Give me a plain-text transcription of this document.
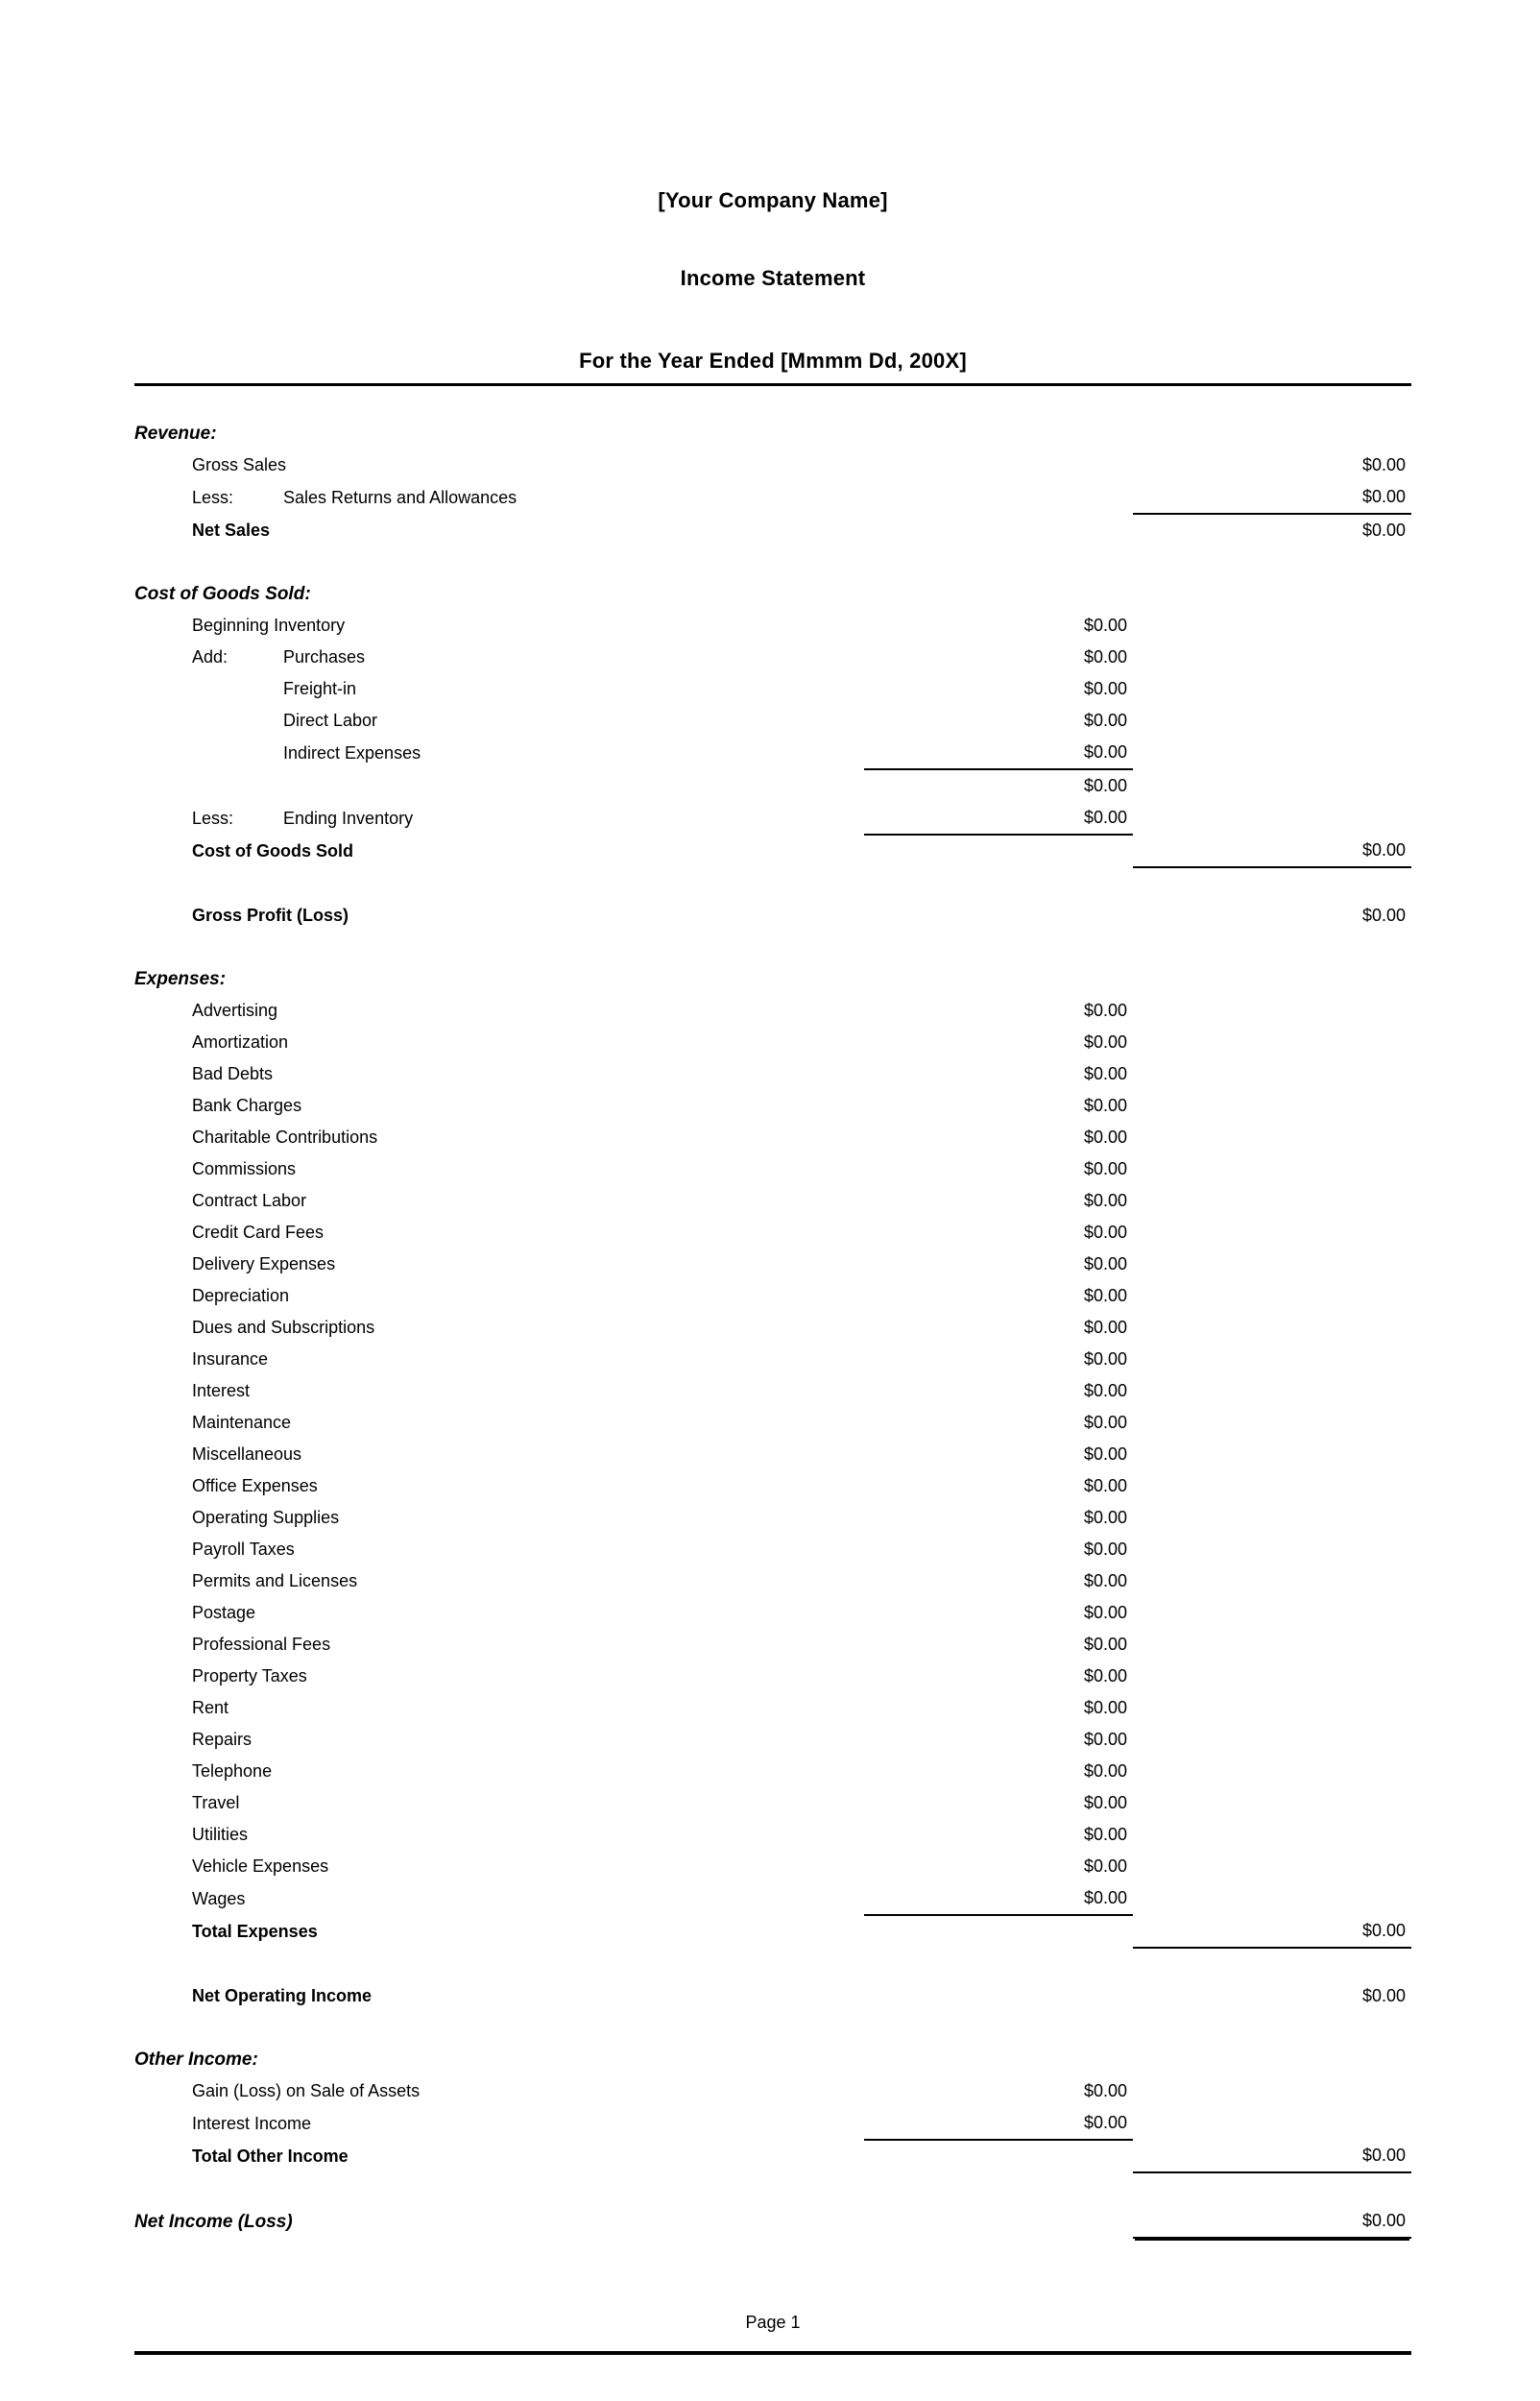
[Your Company Name]
Income Statement
For the Year Ended [Mmmm Dd, 200X]

Revenue:			
	Gross Sales		$0.00
	Less: Sales Returns and Allowances		$0.00
	Net Sales		$0.00

Cost of Goods Sold:			
	Beginning Inventory	$0.00	
	Add: Purchases	$0.00	
	Freight-in	$0.00	
	Direct Labor	$0.00	
	Indirect Expenses	$0.00	
		$0.00	
	Less: Ending Inventory	$0.00	
	Cost of Goods Sold		$0.00

	Gross Profit (Loss)		$0.00

Expenses:			
	Advertising	$0.00	
	Amortization	$0.00	
	Bad Debts	$0.00	
	Bank Charges	$0.00	
	Charitable Contributions	$0.00	
	Commissions	$0.00	
	Contract Labor	$0.00	
	Credit Card Fees	$0.00	
	Delivery Expenses	$0.00	
	Depreciation	$0.00	
	Dues and Subscriptions	$0.00	
	Insurance	$0.00	
	Interest	$0.00	
	Maintenance	$0.00	
	Miscellaneous	$0.00	
	Office Expenses	$0.00	
	Operating Supplies	$0.00	
	Payroll Taxes	$0.00	
	Permits and Licenses	$0.00	
	Postage	$0.00	
	Professional Fees	$0.00	
	Property Taxes	$0.00	
	Rent	$0.00	
	Repairs	$0.00	
	Telephone	$0.00	
	Travel	$0.00	
	Utilities	$0.00	
	Vehicle Expenses	$0.00	
	Wages	$0.00	
	Total Expenses		$0.00

	Net Operating Income		$0.00

Other Income:			
	Gain (Loss) on Sale of Assets	$0.00	
	Interest Income	$0.00	
	Total Other Income		$0.00

Net Income (Loss)			$0.00
Page 1
